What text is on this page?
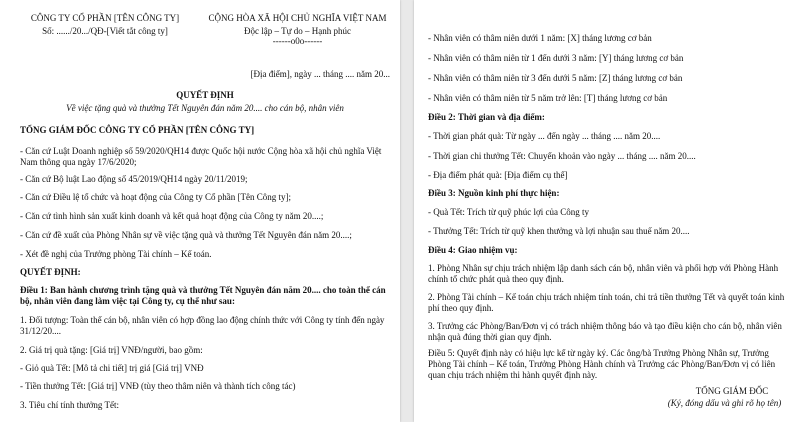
CÔNG TY CỔ PHẦN [TÊN CÔNG TY]
Số: ....../20.../QĐ-[Viết tắt công ty]
CỘNG HÒA XÃ HỘI CHỦ NGHĨA VIỆT NAM
Độc lập – Tự do – Hạnh phúc
------o0o------
[Địa điểm], ngày ... tháng .... năm 20...
QUYẾT ĐỊNH
Về việc tặng quà và thưởng Tết Nguyên đán năm 20.... cho cán bộ, nhân viên
TỔNG GIÁM ĐỐC CÔNG TY CỔ PHẦN [TÊN CÔNG TY]
- Căn cứ Luật Doanh nghiệp số 59/2020/QH14 được Quốc hội nước Cộng hòa xã hội chủ nghĩa Việt Nam thông qua ngày 17/6/2020;
- Căn cứ Bộ luật Lao động số 45/2019/QH14 ngày 20/11/2019;
- Căn cứ Điều lệ tổ chức và hoạt động của Công ty Cổ phần [Tên Công ty];
- Căn cứ tình hình sản xuất kinh doanh và kết quả hoạt động của Công ty năm 20....;
- Căn cứ đề xuất của Phòng Nhân sự về việc tặng quà và thưởng Tết Nguyên đán năm 20....;
- Xét đề nghị của Trưởng phòng Tài chính – Kế toán.
QUYẾT ĐỊNH:
Điều 1: Ban hành chương trình tặng quà và thưởng Tết Nguyên đán năm 20.... cho toàn thể cán bộ, nhân viên đang làm việc tại Công ty, cụ thể như sau:
1. Đối tượng: Toàn thể cán bộ, nhân viên có hợp đồng lao động chính thức với Công ty tính đến ngày 31/12/20....
2. Giá trị quà tặng: [Giá trị] VNĐ/người, bao gồm:
- Giỏ quà Tết: [Mô tả chi tiết] trị giá [Giá trị] VNĐ
- Tiền thưởng Tết: [Giá trị] VNĐ (tùy theo thâm niên và thành tích công tác)
3. Tiêu chí tính thưởng Tết:
- Nhân viên có thâm niên dưới 1 năm: [X] tháng lương cơ bản
- Nhân viên có thâm niên từ 1 đến dưới 3 năm: [Y] tháng lương cơ bản
- Nhân viên có thâm niên từ 3 đến dưới 5 năm: [Z] tháng lương cơ bản
- Nhân viên có thâm niên từ 5 năm trở lên: [T] tháng lương cơ bản
Điều 2: Thời gian và địa điểm:
- Thời gian phát quà: Từ ngày ... đến ngày ... tháng .... năm 20....
- Thời gian chi thưởng Tết: Chuyển khoản vào ngày ... tháng .... năm 20....
- Địa điểm phát quà: [Địa điểm cụ thể]
Điều 3: Nguồn kinh phí thực hiện:
- Quà Tết: Trích từ quỹ phúc lợi của Công ty
- Thưởng Tết: Trích từ quỹ khen thưởng và lợi nhuận sau thuế năm 20....
Điều 4: Giao nhiệm vụ:
1. Phòng Nhân sự chịu trách nhiệm lập danh sách cán bộ, nhân viên và phối hợp với Phòng Hành chính tổ chức phát quà theo quy định.
2. Phòng Tài chính – Kế toán chịu trách nhiệm tính toán, chi trả tiền thưởng Tết và quyết toán kinh phí theo quy định.
3. Trưởng các Phòng/Ban/Đơn vị có trách nhiệm thông báo và tạo điều kiện cho cán bộ, nhân viên nhận quà đúng thời gian quy định.
Điều 5: Quyết định này có hiệu lực kể từ ngày ký. Các ông/bà Trưởng Phòng Nhân sự, Trưởng Phòng Tài chính – Kế toán, Trưởng Phòng Hành chính và Trưởng các Phòng/Ban/Đơn vị có liên quan chịu trách nhiệm thi hành quyết định này.
TỔNG GIÁM ĐỐC
(Ký, đóng dấu và ghi rõ họ tên)
